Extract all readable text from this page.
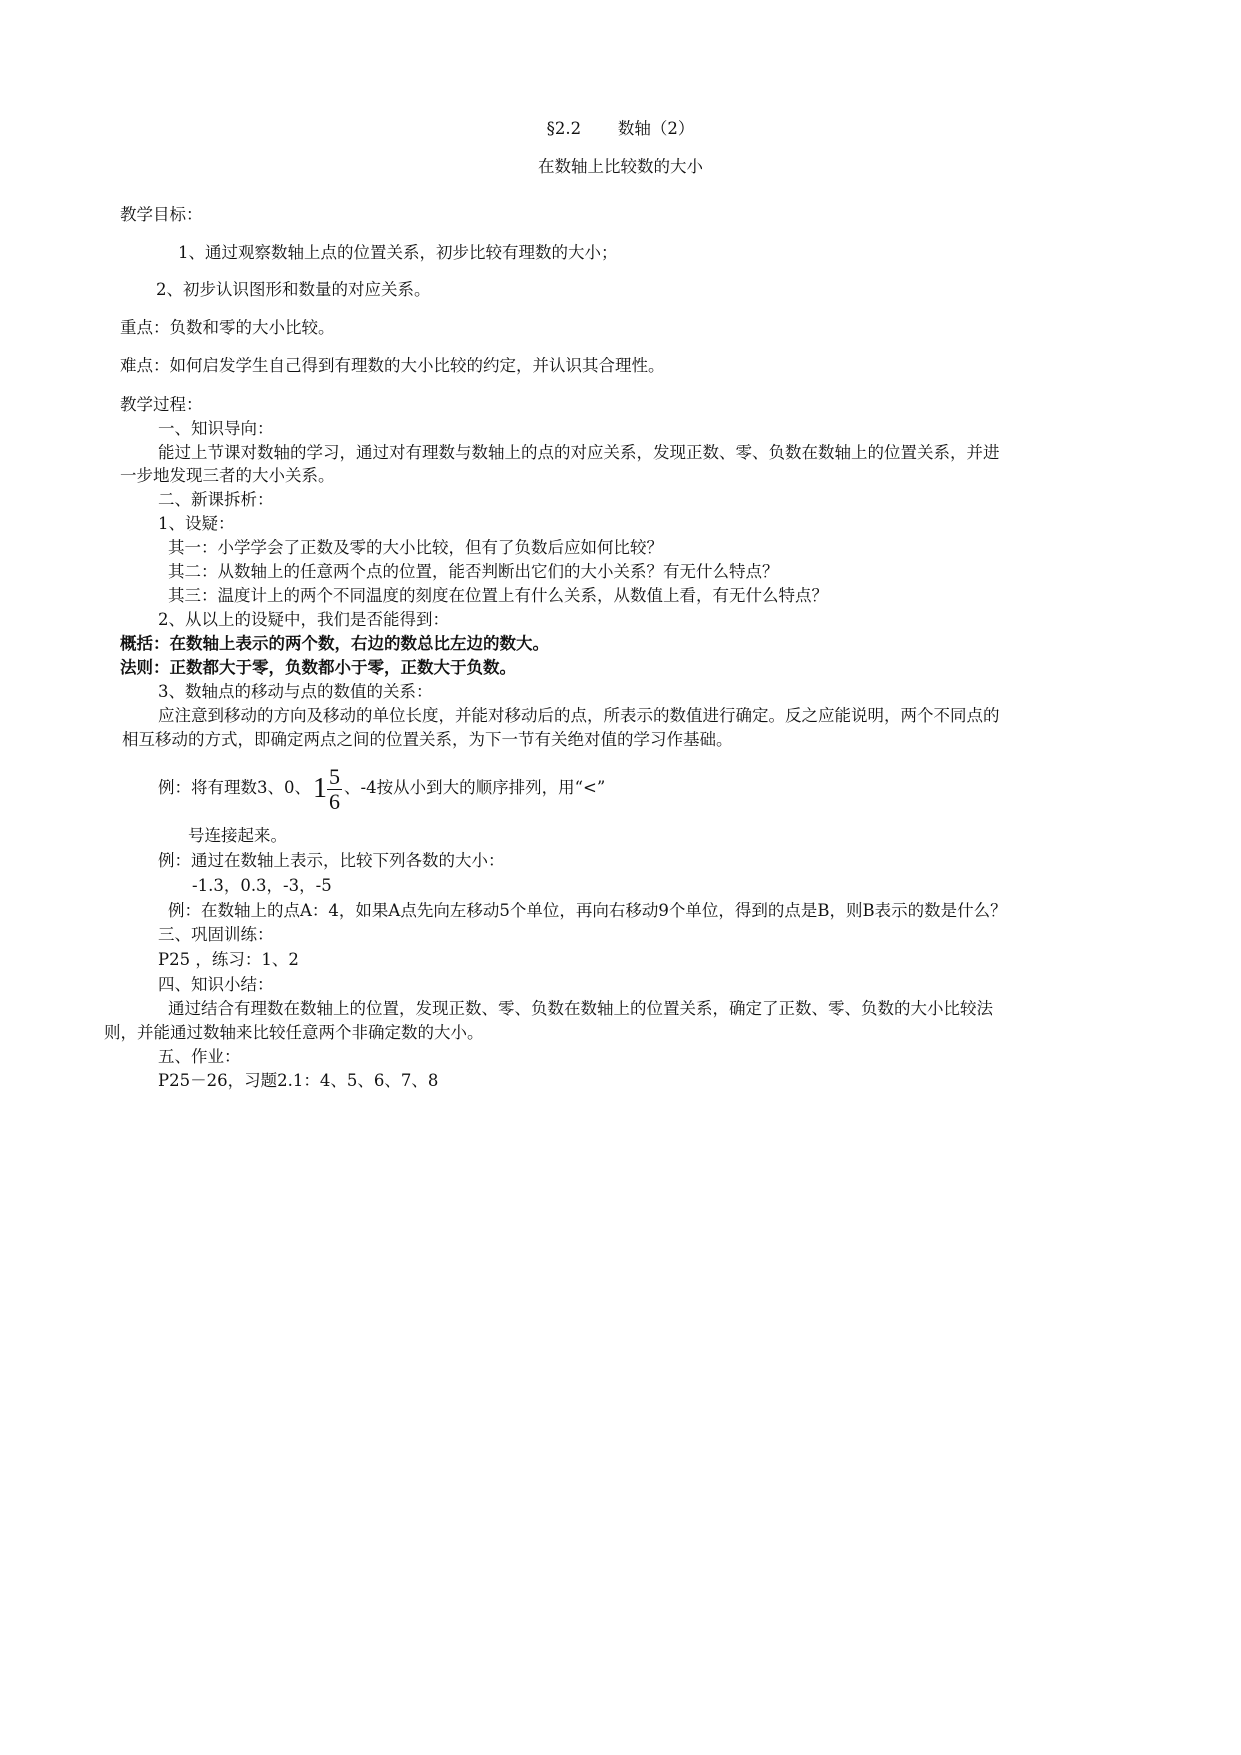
§2.2       数轴（2）
在数轴上比较数的大小
教学目标：
1、通过观察数轴上点的位置关系，初步比较有理数的大小；
2、初步认识图形和数量的对应关系。
重点：负数和零的大小比较。
难点：如何启发学生自己得到有理数的大小比较的约定，并认识其合理性。
教学过程：
一、知识导向：
能过上节课对数轴的学习，通过对有理数与数轴上的点的对应关系，发现正数、零、负数在数轴上的位置关系，并进
一步地发现三者的大小关系。
二、新课拆析：
1、设疑：
其一：小学学会了正数及零的大小比较，但有了负数后应如何比较？
其二：从数轴上的任意两个点的位置，能否判断出它们的大小关系？有无什么特点？
其三：温度计上的两个不同温度的刻度在位置上有什么关系，从数值上看，有无什么特点？
2、从以上的设疑中，我们是否能得到：
概括：在数轴上表示的两个数，右边的数总比左边的数大。
法则：正数都大于零，负数都小于零，正数大于负数。
3、数轴点的移动与点的数值的关系：
应注意到移动的方向及移动的单位长度，并能对移动后的点，所表示的数值进行确定。反之应能说明，两个不同点的
相互移动的方式，即确定两点之间的位置关系，为下一节有关绝对值的学习作基础。
例：将有理数3、0、$1 \frac{5}{6}$ 、-4按从小到大的顺序排列，用“<”
号连接起来。
例：通过在数轴上表示，比较下列各数的大小：
-1.3，0.3，-3，-5
例：在数轴上的点A：4，如果A点先向左移动5个单位，再向右移动9个单位，得到的点是B，则B表示的数是什么？
三、巩固训练：
P25 ，练习：1、2
四、知识小结：
通过结合有理数在数轴上的位置，发现正数、零、负数在数轴上的位置关系，确定了正数、零、负数的大小比较法
则，并能通过数轴来比较任意两个非确定数的大小。
五、作业：
P25－26，习题2.1：4、5、6、7、8
